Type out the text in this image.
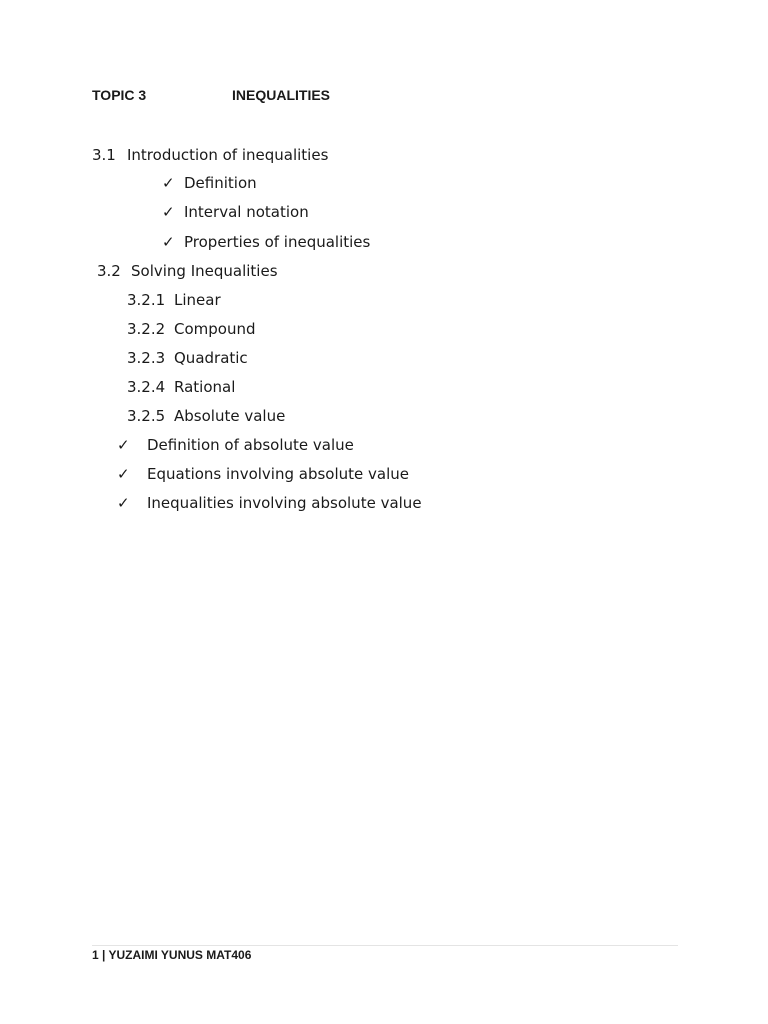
TOPIC 3	INEQUALITIES
3.1 Introduction of inequalities
✓ Definition
✓ Interval notation
✓ Properties of inequalities
3.2 Solving Inequalities
3.2.1 Linear
3.2.2 Compound
3.2.3 Quadratic
3.2.4 Rational
3.2.5 Absolute value
✓ Definition of absolute value
✓ Equations involving absolute value
✓ Inequalities involving absolute value
1 | YUZAIMI YUNUS MAT406
